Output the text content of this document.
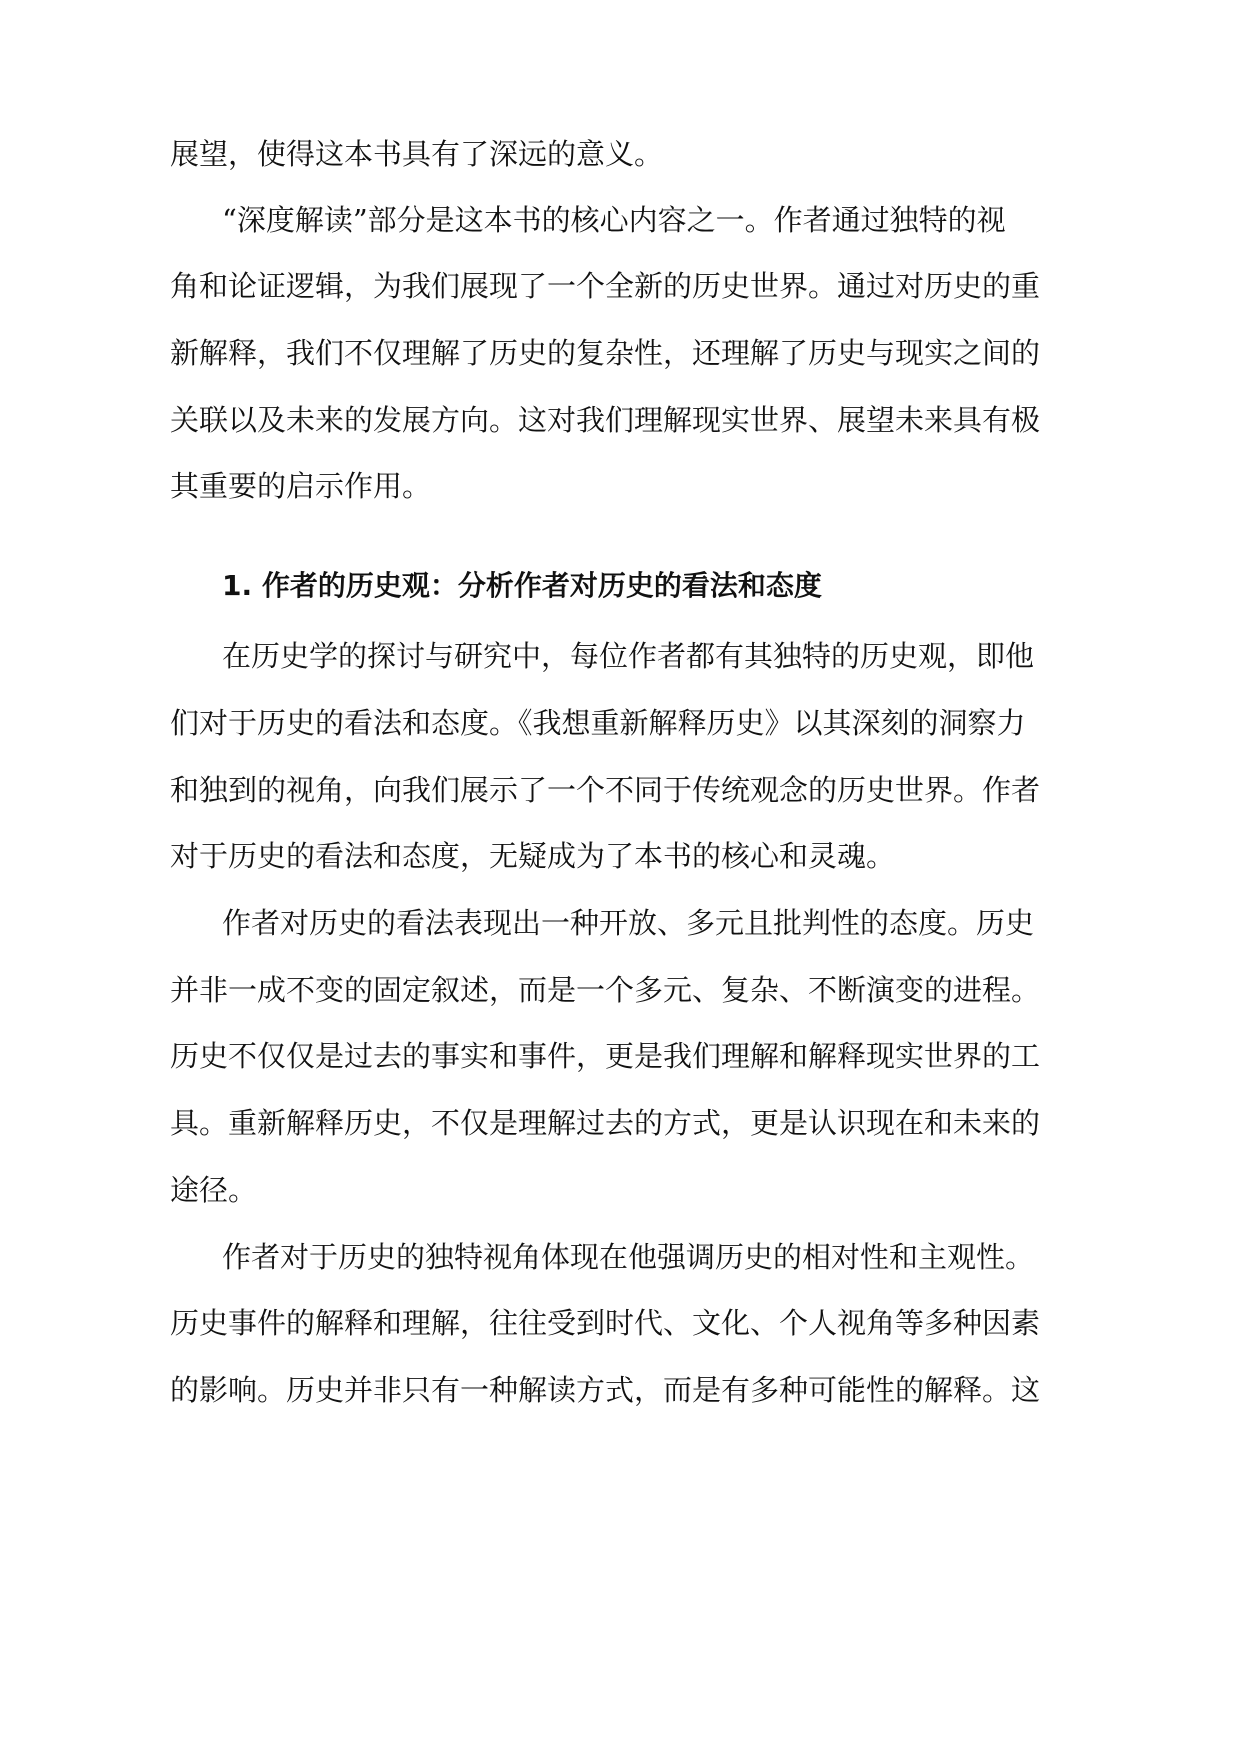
展望，使得这本书具有了深远的意义。

“深度解读”部分是这本书的核心内容之一。作者通过独特的视

角和论证逻辑，为我们展现了一个全新的历史世界。通过对历史的重

新解释，我们不仅理解了历史的复杂性，还理解了历史与现实之间的

关联以及未来的发展方向。这对我们理解现实世界、展望未来具有极

其重要的启示作用。

1. 作者的历史观：分析作者对历史的看法和态度

在历史学的探讨与研究中，每位作者都有其独特的历史观，即他

们对于历史的看法和态度。《我想重新解释历史》以其深刻的洞察力

和独到的视角，向我们展示了一个不同于传统观念的历史世界。作者

对于历史的看法和态度，无疑成为了本书的核心和灵魂。

作者对历史的看法表现出一种开放、多元且批判性的态度。历史

并非一成不变的固定叙述，而是一个多元、复杂、不断演变的进程。

历史不仅仅是过去的事实和事件，更是我们理解和解释现实世界的工

具。重新解释历史，不仅是理解过去的方式，更是认识现在和未来的

途径。

作者对于历史的独特视角体现在他强调历史的相对性和主观性。

历史事件的解释和理解，往往受到时代、文化、个人视角等多种因素

的影响。历史并非只有一种解读方式，而是有多种可能性的解释。这
